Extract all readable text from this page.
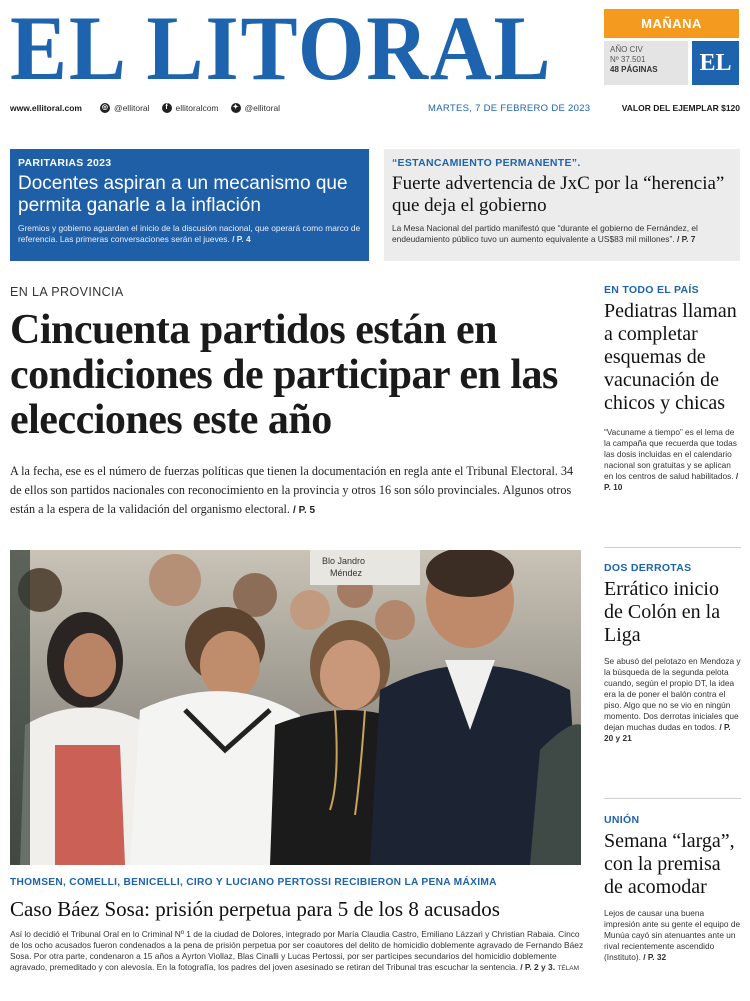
EL LITORAL	MAÑANA
AÑO CIV
Nº 37.501
48 PÁGINAS	EL
www.ellitoral.com	◎ @ellitoral	f ellitoralcom ✦ @ellitoral	MARTES, 7 DE FEBRERO DE 2023	VALOR DEL EJEMPLAR $120
PARITARIAS 2023
Docentes aspiran a un mecanismo que permita ganarle a la inflación
Gremios y gobierno aguardan el inicio de la discusión nacional, que operará como marco de referencia. Las primeras conversaciones serán el jueves. / P. 4
“ESTANCAMIENTO PERMANENTE”.
Fuerte advertencia de JxC por la “herencia” que deja el gobierno
La Mesa Nacional del partido manifestó que “durante el gobierno de Fernández, el endeudamiento público tuvo un aumento equivalente a US$83 mil millones”. / P. 7
EN LA PROVINCIA
Cincuenta partidos están en condiciones de participar en las elecciones este año
A la fecha, ese es el número de fuerzas políticas que tienen la documentación en regla ante el Tribunal Electoral. 34 de ellos son partidos nacionales con reconocimiento en la provincia y otros 16 son sólo provinciales. Algunos otros están a la espera de la validación del organismo electoral. / P. 5
Blo Jandro
Méndez
THOMSEN, COMELLI, BENICELLI, CIRO Y LUCIANO PERTOSSI RECIBIERON LA PENA MÁXIMA
Caso Báez Sosa: prisión perpetua para 5 de los 8 acusados
Así lo decidió el Tribunal Oral en lo Criminal Nº 1 de la ciudad de Dolores, integrado por María Claudia Castro, Emiliano Lázzari y Christian Rabaia. Cinco de los ocho acusados fueron condenados a la pena de prisión perpetua por ser coautores del delito de homicidio doblemente agravado de Fernando Báez Sosa. Por otra parte, condenaron a 15 años a Ayrton Viollaz, Blas Cinalli y Lucas Pertossi, por ser partícipes secundarios del homicidio doblemente agravado, premeditado y con alevosía. En la fotografía, los padres del joven asesinado se retiran del Tribunal tras escuchar la sentencia. / P. 2 y 3. TÉLAM
EN TODO EL PAÍS
Pediatras llaman a completar esquemas de vacunación de chicos y chicas
“Vacuname a tiempo” es el lema de la campaña que recuerda que todas las dosis incluidas en el calendario nacional son gratuitas y se aplican en los centros de salud habilitados. / P. 10
DOS DERROTAS
Errático inicio de Colón en la Liga
Se abusó del pelotazo en Mendoza y la búsqueda de la segunda pelota cuando, según el propio DT, la idea era la de poner el balón contra el piso. Algo que no se vio en ningún momento. Dos derrotas iniciales que dejan muchas dudas en todos. / P. 20 y 21
UNIÓN
Semana “larga”, con la premisa de acomodar
Lejos de causar una buena impresión ante su gente el equipo de Munúa cayó sin atenuantes ante un rival recientemente ascendido (Instituto). / P. 32
